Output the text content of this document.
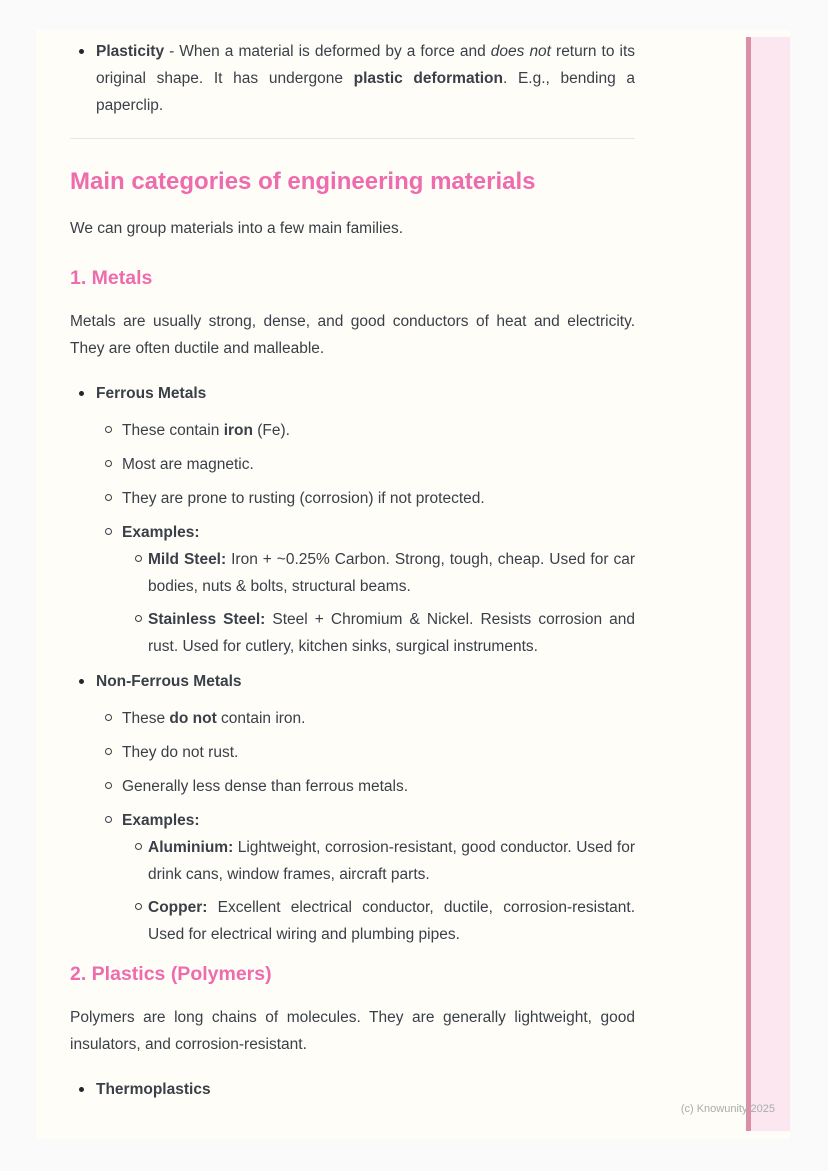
Plasticity - When a material is deformed by a force and does not return to its original shape. It has undergone plastic deformation. E.g., bending a paperclip.
Main categories of engineering materials

We can group materials into a few main families.

1. Metals

Metals are usually strong, dense, and good conductors of heat and electricity. They are often ductile and malleable.

Ferrous Metals
These contain iron (Fe).
Most are magnetic.
They are prone to rusting (corrosion) if not protected.
Examples:
Mild Steel: Iron + ~0.25% Carbon. Strong, tough, cheap. Used for car bodies, nuts & bolts, structural beams.
Stainless Steel: Steel + Chromium & Nickel. Resists corrosion and rust. Used for cutlery, kitchen sinks, surgical instruments.
Non-Ferrous Metals
These do not contain iron.
They do not rust.
Generally less dense than ferrous metals.
Examples:
Aluminium: Lightweight, corrosion-resistant, good conductor. Used for drink cans, window frames, aircraft parts.
Copper: Excellent electrical conductor, ductile, corrosion-resistant. Used for electrical wiring and plumbing pipes.
2. Plastics (Polymers)

Polymers are long chains of molecules. They are generally lightweight, good insulators, and corrosion-resistant.

Thermoplastics
(c) Knowunity 2025
